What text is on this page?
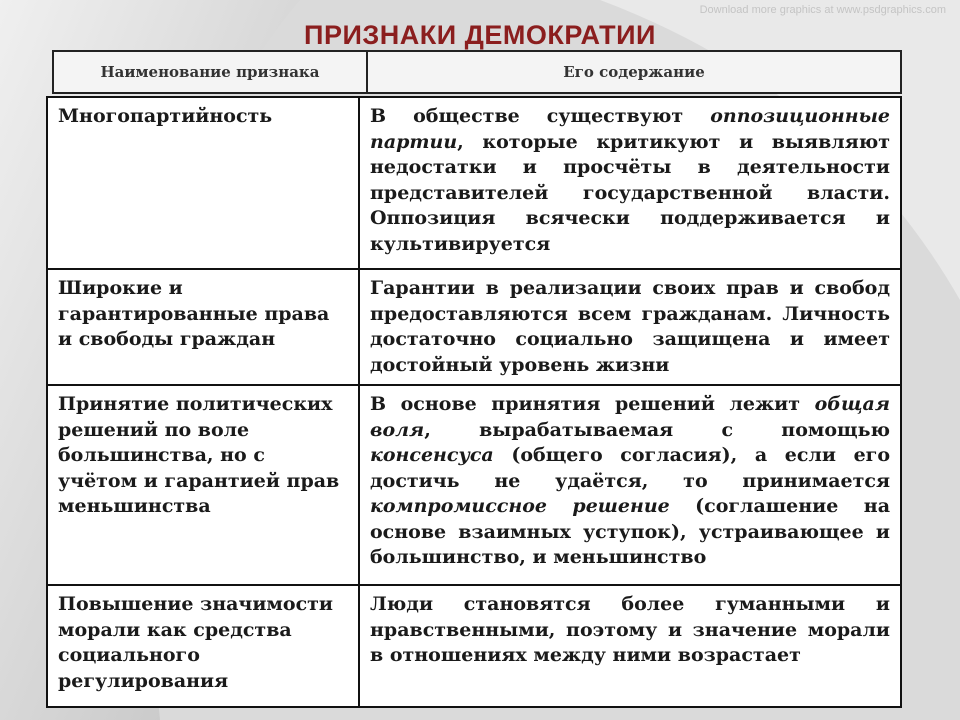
Download more graphics at www.psdgraphics.com
ПРИЗНАКИ ДЕМОКРАТИИ
Наименование признака	Его содержание
Многопартийность	В обществе существуют оппозиционные партии, которые критикуют и выявляют недостатки и просчёты в деятельности представителей государственной власти. Оппозиция всячески поддерживается и культивируется
Широкие и гарантированные права и свободы граждан
Гарантии в реализации своих прав и свобод предоставляются всем гражданам. Личность достаточно социально защищена и имеет достойный уровень жизни
Принятие политических решений по воле большинства, но с учётом и гарантией прав меньшинства
В основе принятия решений лежит общая воля, вырабатываемая с помощью консенсуса (общего согласия), а если его достичь не удаётся, то принимается компромиссное решение (соглашение на основе взаимных уступок), устраивающее и большинство, и меньшинство
Повышение значимости морали как средства социального регулирования
Люди становятся более гуманными и нравственными, поэтому и значение морали в отношениях между ними возрастает
